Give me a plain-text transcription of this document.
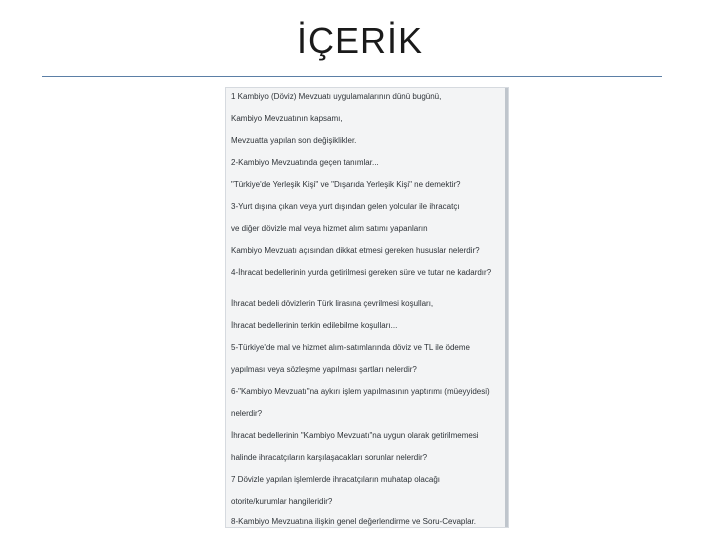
İÇERİK
1 Kambiyo (Döviz) Mevzuatı uygulamalarının dünü bugünü,
Kambiyo Mevzuatının kapsamı,
Mevzuatta yapılan son değişiklikler.
2-Kambiyo Mevzuatında geçen tanımlar...
"Türkiye'de Yerleşik Kişi" ve "Dışarıda Yerleşik Kişi" ne demektir?
3-Yurt dışına çıkan veya yurt dışından gelen yolcular ile ihracatçı
ve diğer dövizle mal veya hizmet alım satımı yapanların
Kambiyo Mevzuatı açısından dikkat etmesi gereken hususlar nelerdir?
4-İhracat bedellerinin yurda getirilmesi gereken süre ve tutar ne kadardır?
İhracat bedeli dövizlerin Türk lirasına çevrilmesi koşulları,
İhracat bedellerinin terkin edilebilme koşulları...
5-Türkiye'de mal ve hizmet alım-satımlarında döviz ve TL ile ödeme
yapılması veya sözleşme yapılması şartları nelerdir?
6-"Kambiyo Mevzuatı"na aykırı işlem yapılmasının yaptırımı (müeyyidesi)
nelerdir?
İhracat bedellerinin "Kambiyo Mevzuatı"na uygun olarak getirilmemesi
halinde ihracatçıların karşılaşacakları sorunlar nelerdir?
7 Dövizle yapılan işlemlerde ihracatçıların muhatap olacağı
otorite/kurumlar hangileridir?
8-Kambiyo Mevzuatına ilişkin genel değerlendirme ve Soru-Cevaplar.
